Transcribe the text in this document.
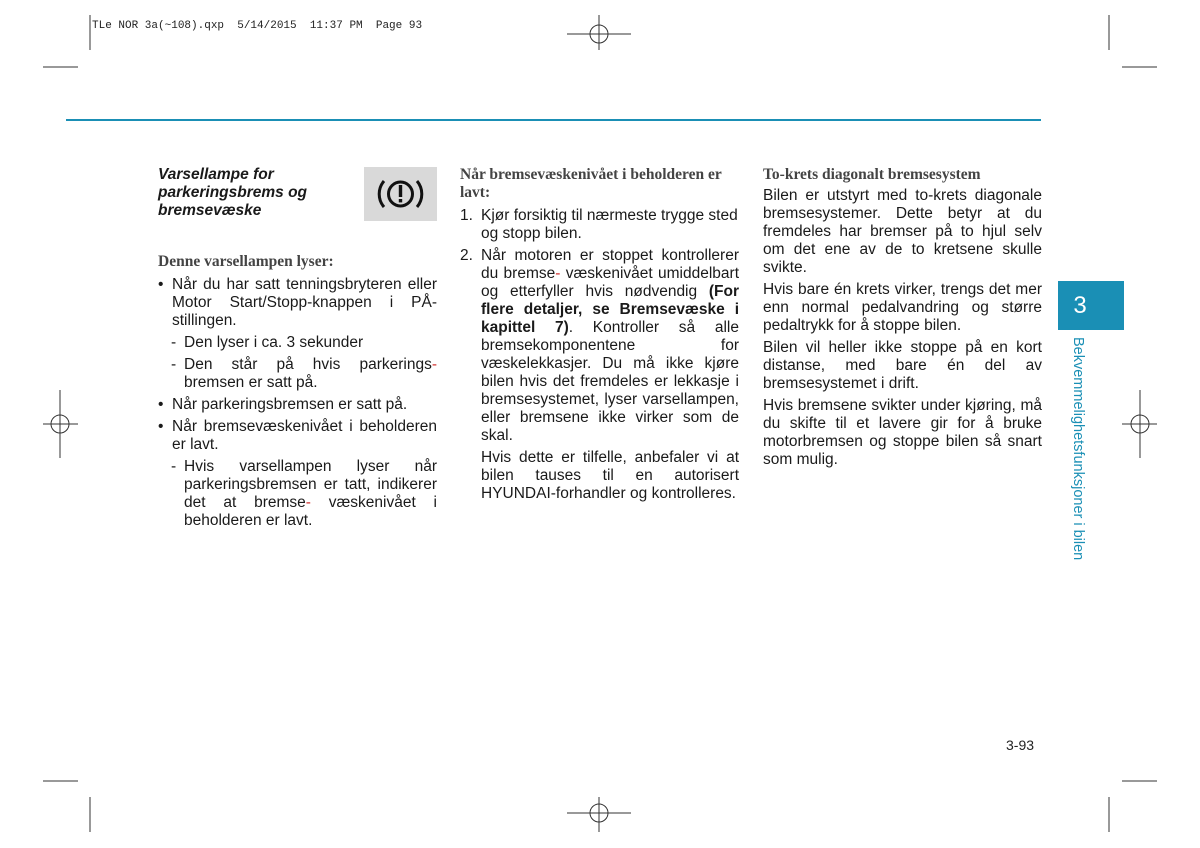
TLe NOR 3a(~108).qxp  5/14/2015  11:37 PM  Page 93

Varsellampe for parkeringsbrems og bremsevæske

Denne varsellampen lyser:

• Når du har satt tenningsbryteren eller Motor Start/Stopp-knappen i PÅ- stillingen.

- Den lyser i ca. 3 sekunder

- Den står på hvis parkerings- bremsen er satt på.

• Når parkeringsbremsen er satt på.

• Når bremsevæskenivået i beholderen er lavt.

- Hvis varsellampen lyser når parkeringsbremsen er tatt, indikerer det at bremse- væskenivået i beholderen er lavt.

Når bremsevæskenivået i beholderen er lavt:

1. Kjør forsiktig til nærmeste trygge sted og stopp bilen.

2. Når motoren er stoppet kontrollerer du bremse- væskenivået umiddelbart og etterfyller hvis nødvendig (For flere detaljer, se Bremsevæske i kapittel 7). Kontroller så alle bremsekomponentene for væskelekkasjer. Du må ikke kjøre bilen hvis det fremdeles er lekkasje i bremsesystemet, lyser varsellampen, eller bremsene ikke virker som de skal.

Hvis dette er tilfelle, anbefaler vi at bilen tauses til en autorisert HYUNDAI-forhandler og kontrolleres.

To-krets diagonalt bremsesystem

Bilen er utstyrt med to-krets diagonale bremsesystemer. Dette betyr at du fremdeles har bremser på to hjul selv om det ene av de to kretsene skulle svikte.

Hvis bare én krets virker, trengs det mer enn normal pedalvandring og større pedaltrykk for å stoppe bilen.

Bilen vil heller ikke stoppe på en kort distanse, med bare én del av bremsesystemet i drift.

Hvis bremsene svikter under kjøring, må du skifte til et lavere gir for å bruke motorbremsen og stoppe bilen så snart som mulig.

3
Bekvemmelighetsfunksjoner i bilen
3-93
